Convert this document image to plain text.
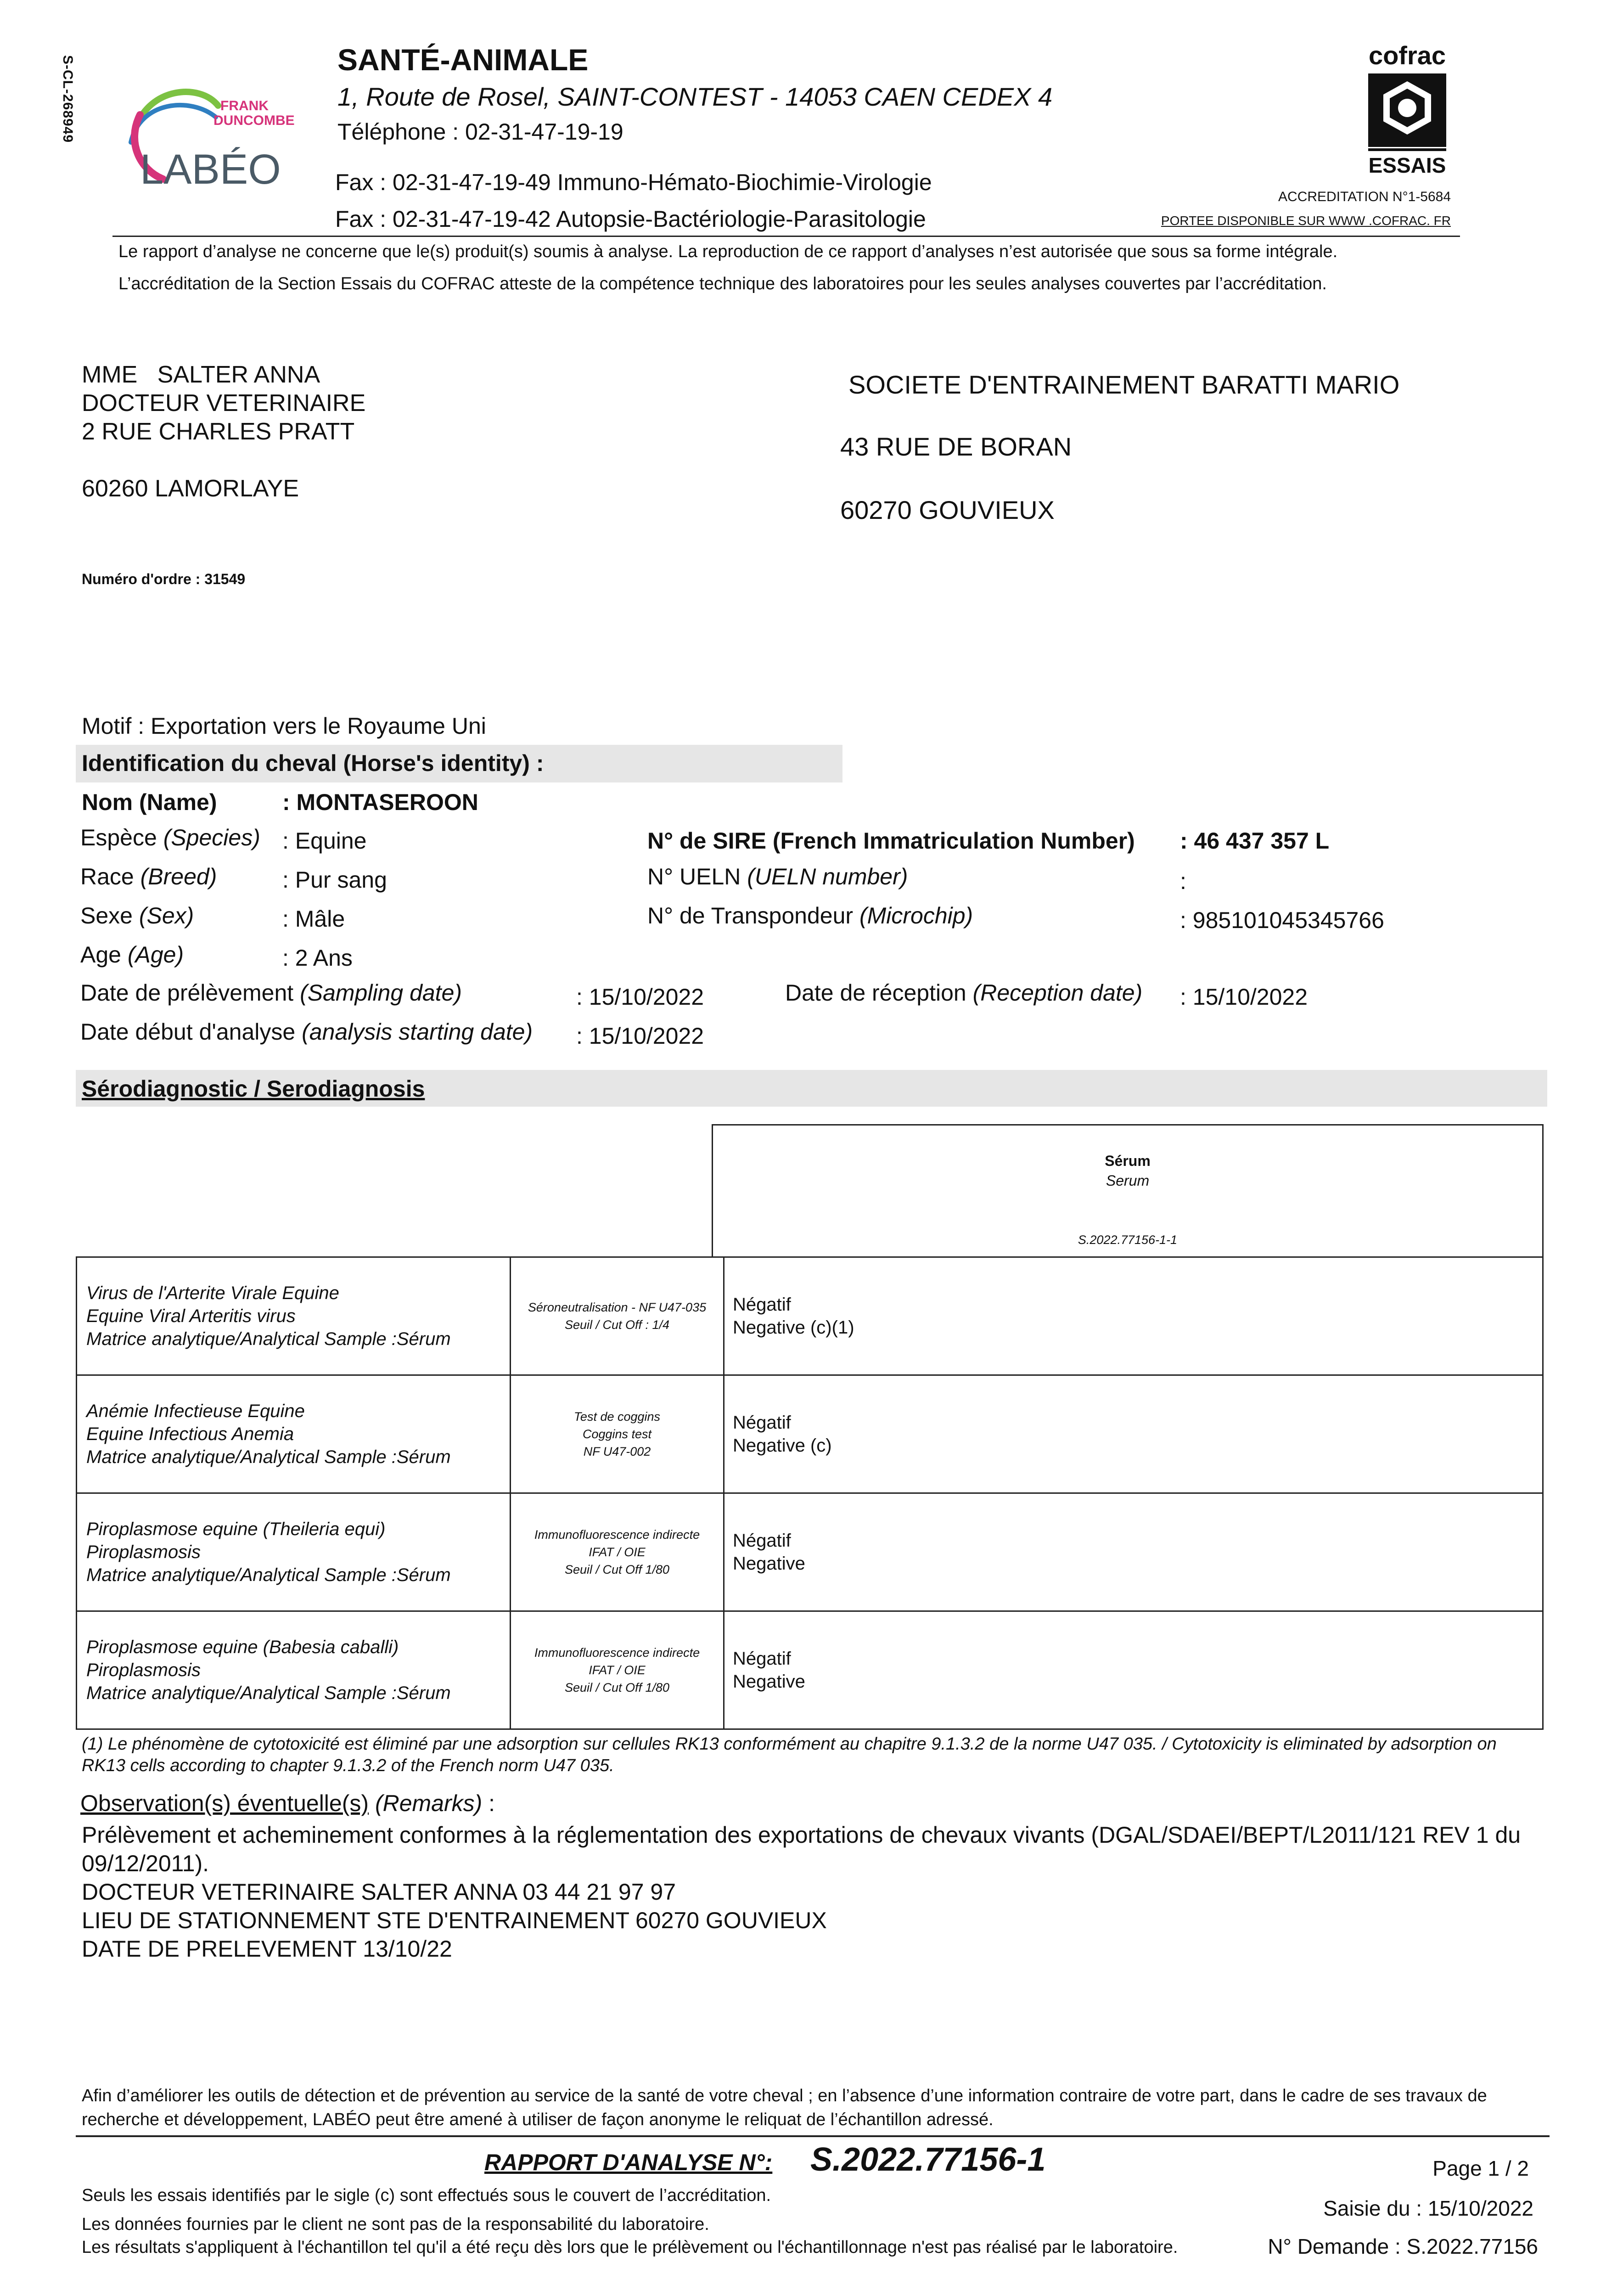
S-CL-268949	FRANK
DUNCOMBE
LABÉO
SANTÉ-ANIMALE
1, Route de Rosel, SAINT-CONTEST - 14053 CAEN CEDEX 4
Téléphone : 02-31-47-19-19
Fax : 02-31-47-19-49 Immuno-Hémato-Biochimie-Virologie
Fax : 02-31-47-19-42 Autopsie-Bactériologie-Parasitologie
cofrac
ESSAIS
ACCREDITATION N°1-5684
PORTEE DISPONIBLE SUR WWW .COFRAC. FR
Le rapport d’analyse ne concerne que le(s) produit(s) soumis à analyse. La reproduction de ce rapport d’analyses n’est autorisée que sous sa forme intégrale.
L’accréditation de la Section Essais du COFRAC atteste de la compétence technique des laboratoires pour les seules analyses couvertes par l’accréditation.
MME   SALTER ANNA
DOCTEUR VETERINAIRE
2 RUE CHARLES PRATT
60260 LAMORLAYE
Numéro d'ordre : 31549
SOCIETE D'ENTRAINEMENT BARATTI MARIO
43 RUE DE BORAN
60270 GOUVIEUX
Motif : Exportation vers le Royaume Uni
Identification du cheval (Horse's identity) :
Nom (Name)	: MONTASEROON
Espèce (Species) : Equine
Race (Breed)	: Pur sang
Sexe (Sex)	: Mâle
Age (Age)	: 2 Ans
N° de SIRE (French Immatriculation Number) : 46 437 357 L
N° UELN (UELN number)	:
N° de Transpondeur (Microchip)	: 985101045345766
Date de prélèvement (Sampling date)	: 15/10/2022	Date de réception (Reception date) : 15/10/2022
Date début d'analyse (analysis starting date) : 15/10/2022
Sérodiagnostic / Serodiagnosis
Sérum
Serum
S.2022.77156-1-1
Virus de l'Arterite Virale Equine
Equine Viral Arteritis virus
Matrice analytique/Analytical Sample :Sérum	Séroneutralisation - NF U47-035
Seuil / Cut Off : 1/4	Négatif
Negative (c)(1)

Anémie Infectieuse Equine
Equine Infectious Anemia
Matrice analytique/Analytical Sample :Sérum	Test de coggins
Coggins test
NF U47-002	Négatif
Negative (c)

Piroplasmose equine (Theileria equi)
Piroplasmosis
Matrice analytique/Analytical Sample :Sérum	Immunofluorescence indirecte
IFAT / OIE
Seuil / Cut Off 1/80	Négatif
Negative

Piroplasmose equine (Babesia caballi)
Piroplasmosis
Matrice analytique/Analytical Sample :Sérum	Immunofluorescence indirecte
IFAT / OIE
Seuil / Cut Off 1/80	Négatif
Negative
(1) Le phénomène de cytotoxicité est éliminé par une adsorption sur cellules RK13 conformément au chapitre 9.1.3.2 de la norme U47 035. / Cytotoxicity is eliminated by adsorption on RK13 cells according to chapter 9.1.3.2 of the French norm U47 035.
Observation(s) éventuelle(s) (Remarks) :
Prélèvement et acheminement conformes à la réglementation des exportations de chevaux vivants (DGAL/SDAEI/BEPT/L2011/121 REV 1 du 09/12/2011).
DOCTEUR VETERINAIRE SALTER ANNA 03 44 21 97 97
LIEU DE STATIONNEMENT STE D'ENTRAINEMENT 60270 GOUVIEUX
DATE DE PRELEVEMENT 13/10/22
Afin d’améliorer les outils de détection et de prévention au service de la santé de votre cheval ; en l’absence d’une information contraire de votre part, dans le cadre de ses travaux de recherche et développement, LABÉO peut être amené à utiliser de façon anonyme le reliquat de l’échantillon adressé.
RAPPORT D'ANALYSE N°: S.2022.77156-1	Page 1 / 2
Seuls les essais identifiés par le sigle (c) sont effectués sous le couvert de l’accréditation.
Saisie du : 15/10/2022
Les données fournies par le client ne sont pas de la responsabilité du laboratoire.
Les résultats s'appliquent à l'échantillon tel qu'il a été reçu dès lors que le prélèvement ou l'échantillonnage n'est pas réalisé par le laboratoire.	N° Demande : S.2022.77156
